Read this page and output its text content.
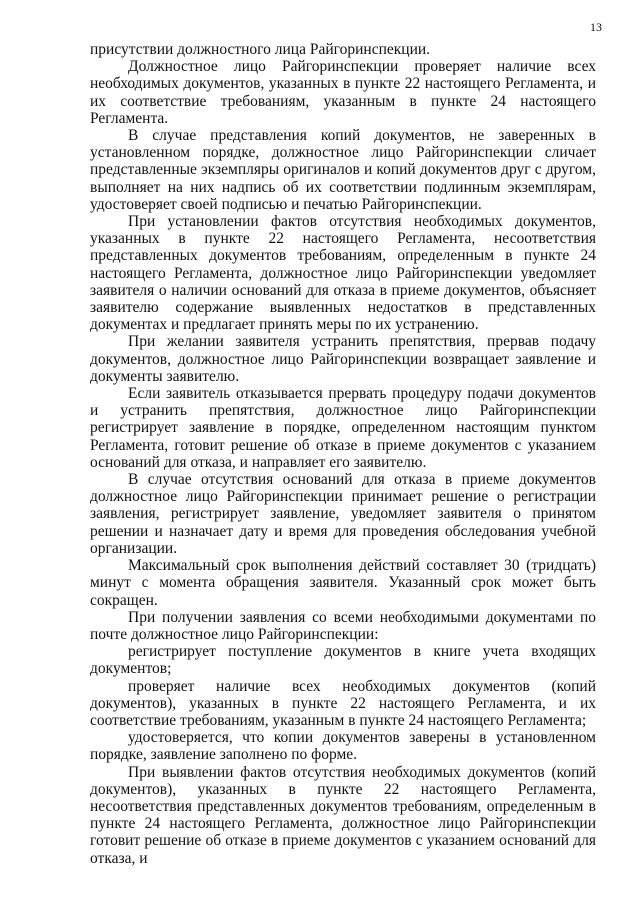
13

присутствии должностного лица Райгоринспекции.

Должностное лицо Райгоринспекции проверяет наличие всех необходимых документов, указанных в пункте 22 настоящего Регламента, и их соответствие требованиям, указанным в пункте 24 настоящего Регламента.

В случае представления копий документов, не заверенных в установленном порядке, должностное лицо Райгоринспекции сличает представленные экземпляры оригиналов и копий документов друг с другом, выполняет на них надпись об их соответствии подлинным экземплярам, удостоверяет своей подписью и печатью Райгоринспекции.

При установлении фактов отсутствия необходимых документов, указанных в пункте 22 настоящего Регламента, несоответствия представленных документов требованиям, определенным в пункте 24 настоящего Регламента, должностное лицо Райгоринспекции уведомляет заявителя о наличии оснований для отказа в приеме документов, объясняет заявителю содержание выявленных недостатков в представленных документах и предлагает принять меры по их устранению.

При желании заявителя устранить препятствия, прервав подачу документов, должностное лицо Райгоринспекции возвращает заявление и документы заявителю.

Если заявитель отказывается прервать процедуру подачи документов и устранить препятствия, должностное лицо Райгоринспекции регистрирует заявление в порядке, определенном настоящим пунктом Регламента, готовит решение об отказе в приеме документов с указанием оснований для отказа, и направляет его заявителю.

В случае отсутствия оснований для отказа в приеме документов должностное лицо Райгоринспекции принимает решение о регистрации заявления, регистрирует заявление, уведомляет заявителя о принятом решении и назначает дату и время для проведения обследования учебной организации.

Максимальный срок выполнения действий составляет 30 (тридцать) минут с момента обращения заявителя. Указанный срок может быть сокращен.

При получении заявления со всеми необходимыми документами по почте должностное лицо Райгоринспекции:

регистрирует поступление документов в книге учета входящих документов;

проверяет наличие всех необходимых документов (копий документов), указанных в пункте 22 настоящего Регламента, и их соответствие требованиям, указанным в пункте 24 настоящего Регламента;

удостоверяется, что копии документов заверены в установленном порядке, заявление заполнено по форме.

При выявлении фактов отсутствия необходимых документов (копий документов), указанных в пункте 22 настоящего Регламента, несоответствия представленных документов требованиям, определенным в пункте 24 настоящего Регламента, должностное лицо Райгоринспекции готовит решение об отказе в приеме документов с указанием оснований для отказа, и
